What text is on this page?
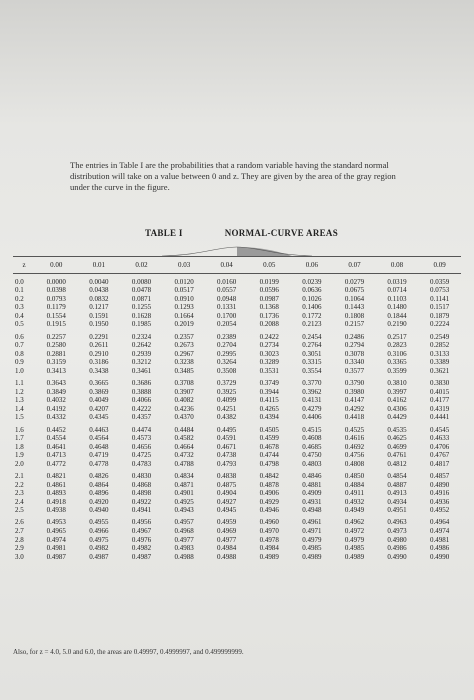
The entries in Table I are the probabilities that a random variable having the standard normal distribution will take on a value between 0 and z. They are given by the area of the gray region under the curve in the figure.
TABLE I	NORMAL-CURVE AREAS
z	0.00	0.01	0.02	0.03	0.04	0.05	0.06	0.07	0.08	0.09

0.0	0.0000	0.0040	0.0080	0.0120	0.0160	0.0199	0.0239	0.0279	0.0319	0.0359
0.1	0.0398	0.0438	0.0478	0.0517	0.0557	0.0596	0.0636	0.0675	0.0714	0.0753
0.2	0.0793	0.0832	0.0871	0.0910	0.0948	0.0987	0.1026	0.1064	0.1103	0.1141
0.3	0.1179	0.1217	0.1255	0.1293	0.1331	0.1368	0.1406	0.1443	0.1480	0.1517
0.4	0.1554	0.1591	0.1628	0.1664	0.1700	0.1736	0.1772	0.1808	0.1844	0.1879
0.5	0.1915	0.1950	0.1985	0.2019	0.2054	0.2088	0.2123	0.2157	0.2190	0.2224

0.6	0.2257	0.2291	0.2324	0.2357	0.2389	0.2422	0.2454	0.2486	0.2517	0.2549
0.7	0.2580	0.2611	0.2642	0.2673	0.2704	0.2734	0.2764	0.2794	0.2823	0.2852
0.8	0.2881	0.2910	0.2939	0.2967	0.2995	0.3023	0.3051	0.3078	0.3106	0.3133
0.9	0.3159	0.3186	0.3212	0.3238	0.3264	0.3289	0.3315	0.3340	0.3365	0.3389
1.0	0.3413	0.3438	0.3461	0.3485	0.3508	0.3531	0.3554	0.3577	0.3599	0.3621

1.1	0.3643	0.3665	0.3686	0.3708	0.3729	0.3749	0.3770	0.3790	0.3810	0.3830
1.2	0.3849	0.3869	0.3888	0.3907	0.3925	0.3944	0.3962	0.3980	0.3997	0.4015
1.3	0.4032	0.4049	0.4066	0.4082	0.4099	0.4115	0.4131	0.4147	0.4162	0.4177
1.4	0.4192	0.4207	0.4222	0.4236	0.4251	0.4265	0.4279	0.4292	0.4306	0.4319
1.5	0.4332	0.4345	0.4357	0.4370	0.4382	0.4394	0.4406	0.4418	0.4429	0.4441

1.6	0.4452	0.4463	0.4474	0.4484	0.4495	0.4505	0.4515	0.4525	0.4535	0.4545
1.7	0.4554	0.4564	0.4573	0.4582	0.4591	0.4599	0.4608	0.4616	0.4625	0.4633
1.8	0.4641	0.4648	0.4656	0.4664	0.4671	0.4678	0.4685	0.4692	0.4699	0.4706
1.9	0.4713	0.4719	0.4725	0.4732	0.4738	0.4744	0.4750	0.4756	0.4761	0.4767
2.0	0.4772	0.4778	0.4783	0.4788	0.4793	0.4798	0.4803	0.4808	0.4812	0.4817

2.1	0.4821	0.4826	0.4830	0.4834	0.4838	0.4842	0.4846	0.4850	0.4854	0.4857
2.2	0.4861	0.4864	0.4868	0.4871	0.4875	0.4878	0.4881	0.4884	0.4887	0.4890
2.3	0.4893	0.4896	0.4898	0.4901	0.4904	0.4906	0.4909	0.4911	0.4913	0.4916
2.4	0.4918	0.4920	0.4922	0.4925	0.4927	0.4929	0.4931	0.4932	0.4934	0.4936
2.5	0.4938	0.4940	0.4941	0.4943	0.4945	0.4946	0.4948	0.4949	0.4951	0.4952

2.6	0.4953	0.4955	0.4956	0.4957	0.4959	0.4960	0.4961	0.4962	0.4963	0.4964
2.7	0.4965	0.4966	0.4967	0.4968	0.4969	0.4970	0.4971	0.4972	0.4973	0.4974
2.8	0.4974	0.4975	0.4976	0.4977	0.4977	0.4978	0.4979	0.4979	0.4980	0.4981
2.9	0.4981	0.4982	0.4982	0.4983	0.4984	0.4984	0.4985	0.4985	0.4986	0.4986
3.0	0.4987	0.4987	0.4987	0.4988	0.4988	0.4989	0.4989	0.4989	0.4990	0.4990
Also, for z = 4.0, 5.0 and 6.0, the areas are 0.49997, 0.4999997, and 0.499999999.
